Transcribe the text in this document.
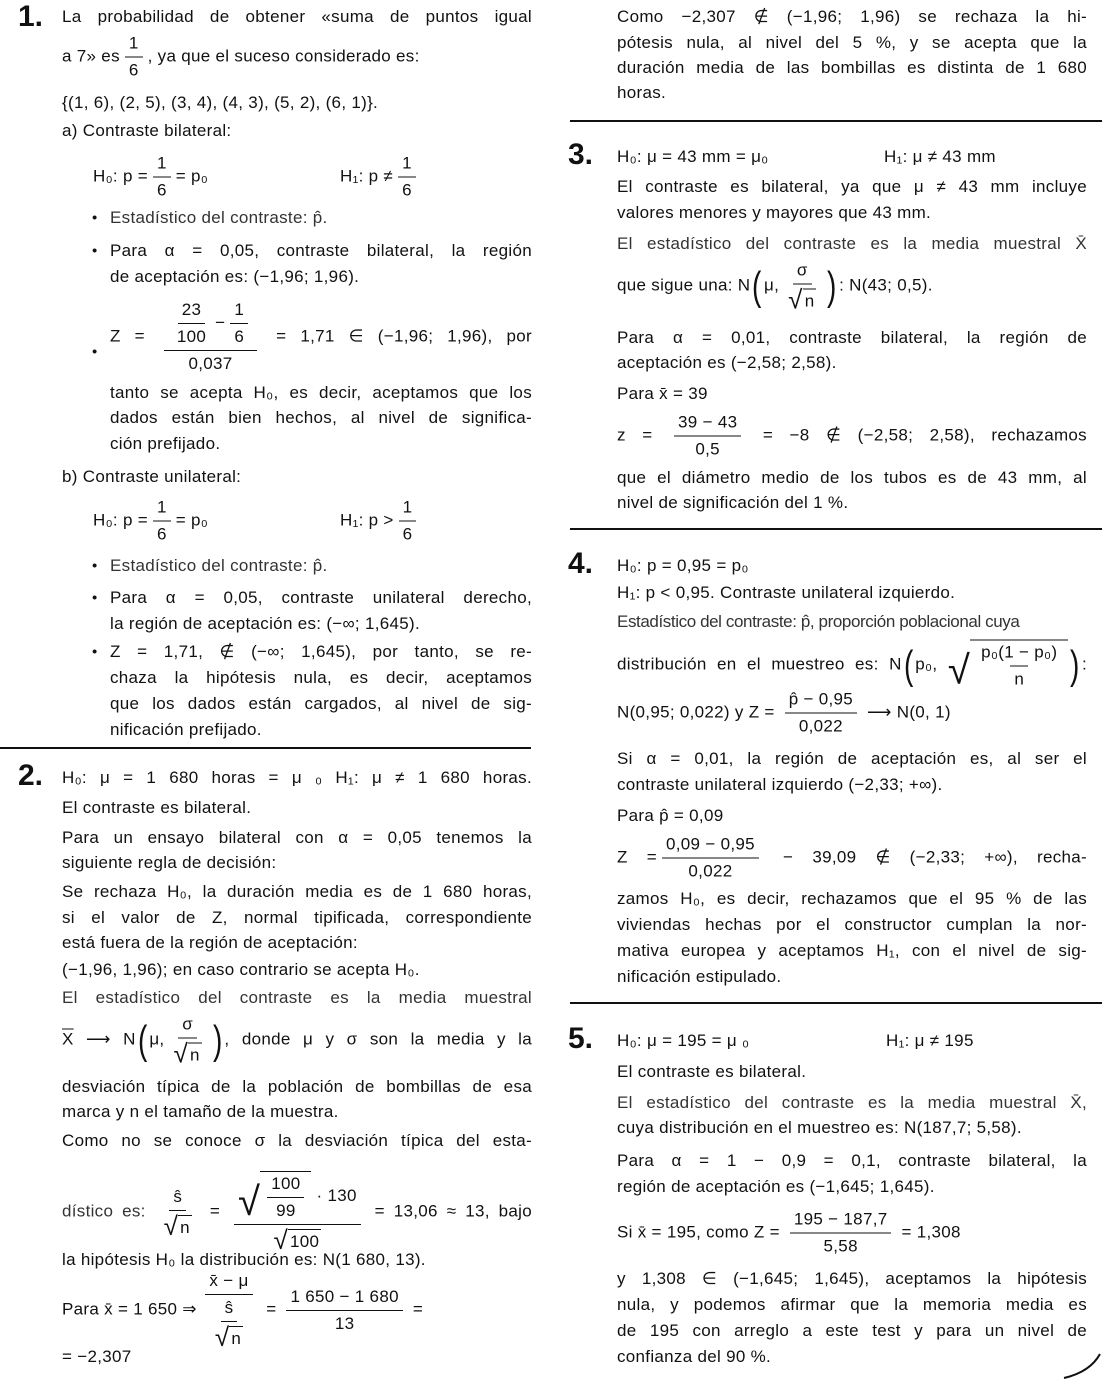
1. La probabilidad de obtener «suma de puntos igual
a 7» es $\frac{1}{6}$ , ya que el suceso considerado es:
{(1, 6), (2, 5), (3, 4), (4, 3), (5, 2), (6, 1)}.
a) Contraste bilateral:
H₀: $p = \frac{1}{6} = p_0$	H₁: $p \ne \frac{1}{6}$
• Estadístico del contraste: p̂.
• Para α = 0,05, contraste bilateral, la región
de aceptación es: (−1,96; 1,96).
•
$Z = \frac{\frac{23}{100} - \frac{1}{6}}{0,037} = 1,71$ ∈ (−1,96; 1,96), por
tanto se acepta H₀, es decir, aceptamos que los
dados están bien hechos, al nivel de significa-
ción prefijado.
b) Contraste unilateral:
H₀: $p = \frac{1}{6} = p_0$	H₁: $p > \frac{1}{6}$
• Estadístico del contraste: p̂.
• Para α = 0,05, contraste unilateral derecho,
la región de aceptación es: (−∞; 1,645).
• Z = 1,71, ∉ (−∞; 1,645), por tanto, se re-
chaza la hipótesis nula, es decir, aceptamos
que los dados están cargados, al nivel de sig-
nificación prefijado.
2. H₀: μ = 1 680 horas = μ ₀ H₁: μ ≠ 1 680 horas.
El contraste es bilateral.
Para un ensayo bilateral con α = 0,05 tenemos la
siguiente regla de decisión:
Se rechaza H₀, la duración media es de 1 680 horas,
si el valor de Z, normal tipificada, correspondiente
está fuera de la región de aceptación:
(−1,96, 1,96); en caso contrario se acepta H₀.
El estadístico del contraste es la media muestral
$\overline{X}$ ⟶ N( μ, $\frac{\sigma}{√ n}$ ) , donde μ y σ son la media y la
desviación típica de la población de bombillas de esa
marca y n el tamaño de la muestra.
Como no se conoce σ la desviación típica del esta-
dístico es: $\frac{ŝ}{√ n} = \frac{√ \frac{100}{99} \cdot 130}{√ 100} = 13,06 \approx 13$, bajo
la hipótesis H₀ la distribución es: N(1 680, 13).
Para x̄ = 1 650 ⇒ $\frac{x̄ - \mu}{\frac{ŝ}{√ n}} = \frac{1 650 - 1 680}{13}$ =
= −2,307
Como −2,307 ∉ (−1,96; 1,96) se rechaza la hi-
pótesis nula, al nivel del 5 %, y se acepta que la
duración media de las bombillas es distinta de 1 680
horas.
3. H₀: μ = 43 mm = μ₀	H₁: μ ≠ 43 mm
El contraste es bilateral, ya que μ ≠ 43 mm incluye
valores menores y mayores que 43 mm.
El estadístico del contraste es la media muestral X̄
que sigue una: N( μ, $\frac{\sigma}{√ n}$ ) : N(43; 0,5).
Para α = 0,01, contraste bilateral, la región de
aceptación es (−2,58; 2,58).
Para x̄ = 39
$z = \frac{39 - 43}{0,5} = -8$ ∉ (−2,58; 2,58), rechazamos
que el diámetro medio de los tubos es de 43 mm, al
nivel de significación del 1 %.
4. H₀: p = 0,95 = p₀
H₁: p < 0,95. Contraste unilateral izquierdo.
Estadístico del contraste: p̂, proporción poblacional cuya
distribución en el muestreo es: N( p₀, √ $\frac{\text{p₀(1 − p₀)}}{n}$ ) :
N(0,95; 0,022) y $Z = \frac{p̂ - 0,95}{0,022}$ ⟶ N(0, 1)
Si α = 0,01, la región de aceptación es, al ser el
contraste unilateral izquierdo (−2,33; +∞).
Para p̂ = 0,09
$Z = \frac{0,09 - 0,95}{0,022} - 39,09$ ∉ (−2,33; +∞), recha-
zamos H₀, es decir, rechazamos que el 95 % de las
viviendas hechas por el constructor cumplan la nor-
mativa europea y aceptamos H₁, con el nivel de sig-
nificación estipulado.
5. H₀: μ = 195 = μ ₀	H₁: μ ≠ 195
El contraste es bilateral.
El estadístico del contraste es la media muestral X̄,
cuya distribución en el muestreo es: N(187,7; 5,58).
Para α = 1 − 0,9 = 0,1, contraste bilateral, la
región de aceptación es (−1,645; 1,645).
Si x̄ = 195, como $Z = \frac{195 - 187,7}{5,58} = 1,308$
y 1,308 ∈ (−1,645; 1,645), aceptamos la hipótesis
nula, y podemos afirmar que la memoria media es
de 195 con arreglo a este test y para un nivel de
confianza del 90 %.
